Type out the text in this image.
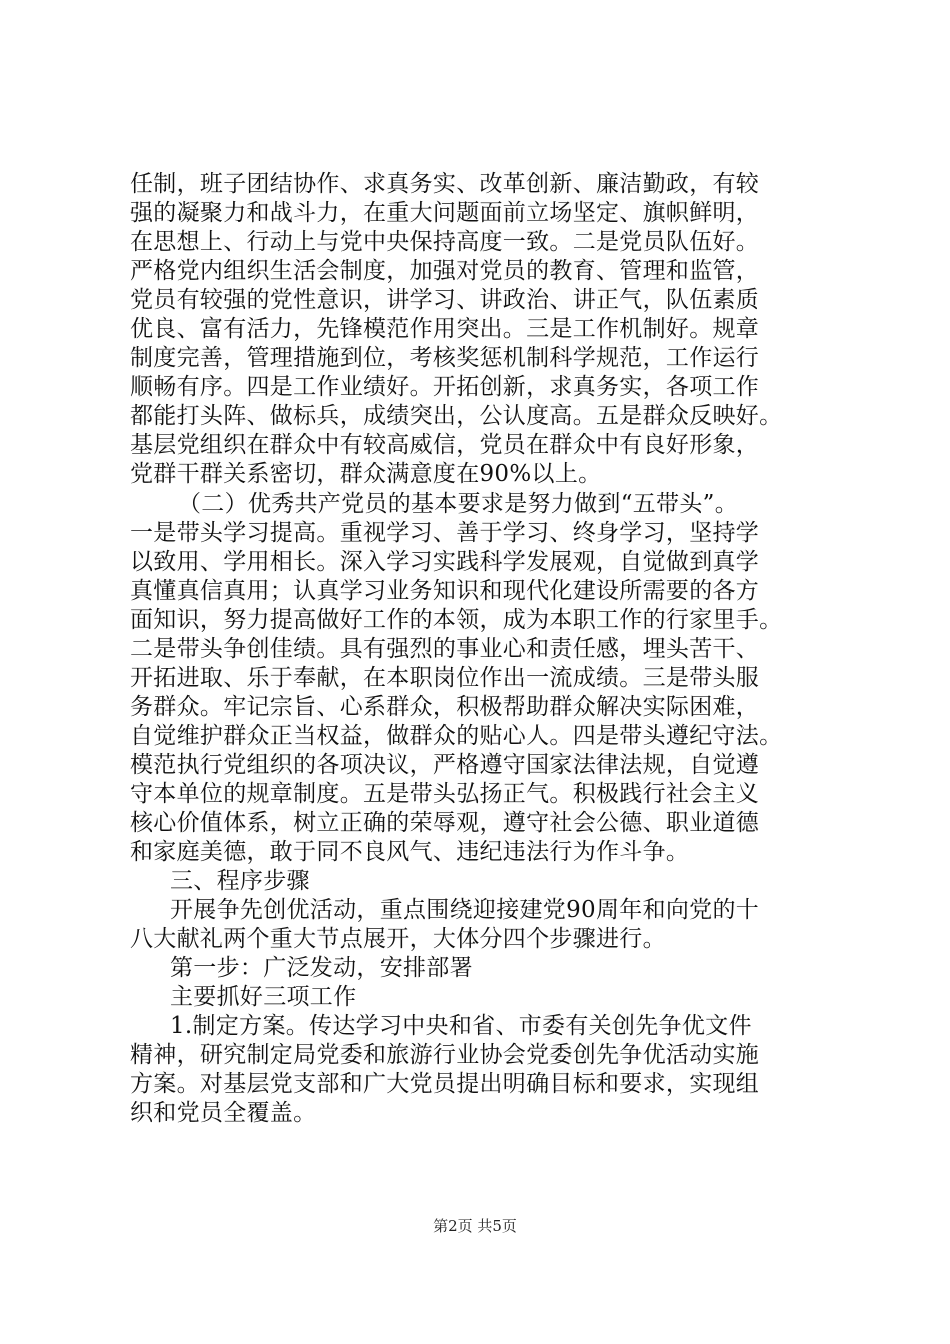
任制，班子团结协作、求真务实、改革创新、廉洁勤政，有较
强的凝聚力和战斗力，在重大问题面前立场坚定、旗帜鲜明，
在思想上、行动上与党中央保持高度一致。二是党员队伍好。
严格党内组织生活会制度，加强对党员的教育、管理和监管，
党员有较强的党性意识，讲学习、讲政治、讲正气，队伍素质
优良、富有活力，先锋模范作用突出。三是工作机制好。规章
制度完善，管理措施到位，考核奖惩机制科学规范，工作运行
顺畅有序。四是工作业绩好。开拓创新，求真务实，各项工作
都能打头阵、做标兵，成绩突出，公认度高。五是群众反映好。
基层党组织在群众中有较高威信，党员在群众中有良好形象，
党群干群关系密切，群众满意度在90%以上。
（二）优秀共产党员的基本要求是努力做到“五带头”。
一是带头学习提高。重视学习、善于学习、终身学习，坚持学
以致用、学用相长。深入学习实践科学发展观，自觉做到真学
真懂真信真用；认真学习业务知识和现代化建设所需要的各方
面知识，努力提高做好工作的本领，成为本职工作的行家里手。
二是带头争创佳绩。具有强烈的事业心和责任感，埋头苦干、
开拓进取、乐于奉献，在本职岗位作出一流成绩。三是带头服
务群众。牢记宗旨、心系群众，积极帮助群众解决实际困难，
自觉维护群众正当权益，做群众的贴心人。四是带头遵纪守法。
模范执行党组织的各项决议，严格遵守国家法律法规，自觉遵
守本单位的规章制度。五是带头弘扬正气。积极践行社会主义
核心价值体系，树立正确的荣辱观，遵守社会公德、职业道德
和家庭美德，敢于同不良风气、违纪违法行为作斗争。
三、程序步骤
开展争先创优活动，重点围绕迎接建党90周年和向党的十
八大献礼两个重大节点展开，大体分四个步骤进行。
第一步：广泛发动，安排部署
主要抓好三项工作
1.制定方案。传达学习中央和省、市委有关创先争优文件
精神，研究制定局党委和旅游行业协会党委创先争优活动实施
方案。对基层党支部和广大党员提出明确目标和要求，实现组
织和党员全覆盖。
第2页 共5页
